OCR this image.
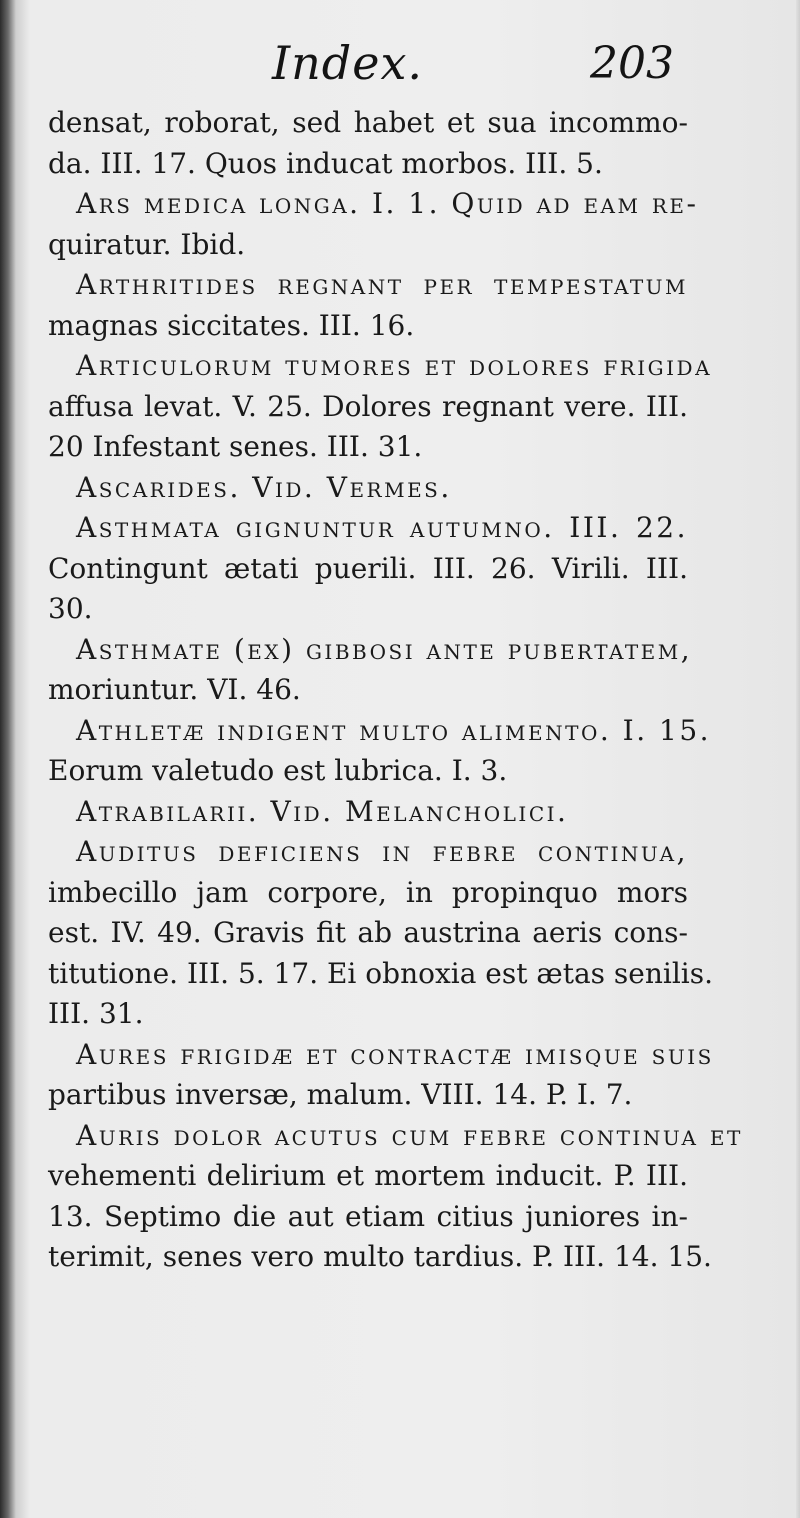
Index.	203
densat, roborat, sed habet et sua incommo-
da. III. 17. Quos inducat morbos. III. 5.
Ars medica longa. I. 1. Quid ad eam re-
quiratur. Ibid.
Arthritides regnant per tempestatum
magnas siccitates. III. 16.
Articulorum tumores et dolores frigida
affusa levat. V. 25. Dolores regnant vere. III.
20 Infestant senes. III. 31.
Ascarides. Vid. Vermes.
Asthmata gignuntur autumno. III. 22.
Contingunt ætati puerili. III. 26. Virili. III.
30.
Asthmate (ex) gibbosi ante pubertatem,
moriuntur. VI. 46.
Athletæ indigent multo alimento. I. 15.
Eorum valetudo est lubrica. I. 3.
Atrabilarii. Vid. Melancholici.
Auditus deficiens in febre continua,
imbecillo jam corpore, in propinquo mors
est. IV. 49. Gravis fit ab austrina aeris cons-
titutione. III. 5. 17. Ei obnoxia est ætas senilis.
III. 31.
Aures frigidæ et contractæ imisque suis
partibus inversæ, malum. VIII. 14. P. I. 7.
Auris dolor acutus cum febre continua et
vehementi delirium et mortem inducit. P. III.
13. Septimo die aut etiam citius juniores in-
terimit, senes vero multo tardius. P. III. 14. 15.
